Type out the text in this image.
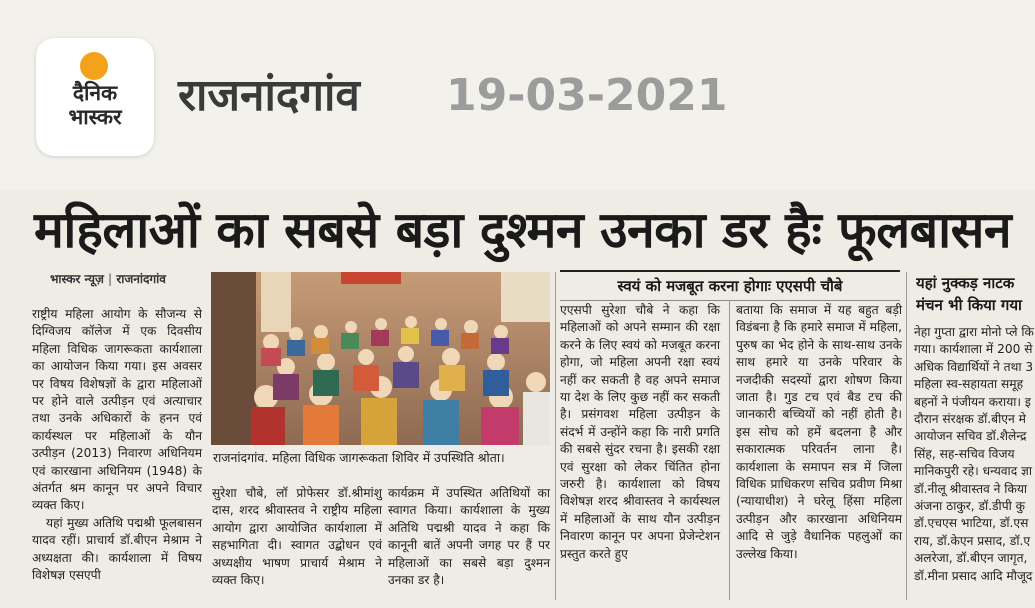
दैनिक
भास्कर	राजनांदगांव 19-03-2021
महिलाओं का सबसे बड़ा दुश्मन उनका डर हैः फूलबासन
भास्कर न्यूज़ | राजनांदगांव

राष्ट्रीय महिला आयोग के सौजन्य से दिग्विजय कॉलेज में एक दिवसीय महिला विधिक जागरूकता कार्यशाला का आयोजन किया गया। इस अवसर पर विषय विशेषज्ञों के द्वारा महिलाओं पर होने वाले उत्पीड़न एवं अत्याचार तथा उनके अधिकारों के हनन एवं कार्यस्थल पर महिलाओं के यौन उत्पीड़न (2013) निवारण अधिनियम एवं कारखाना अधिनियम (1948) के अंतर्गत श्रम कानून पर अपने विचार व्यक्त किए।

यहां मुख्य अतिथि पद्मश्री फूलबासन यादव रहीं। प्राचार्य डॉ.बीएन मेश्राम ने अध्यक्षता की। कार्यशाला में विषय विशेषज्ञ एसएपी

राजनांदगांव. महिला विधिक जागरूकता शिविर में उपस्थिति श्रोता।
सुरेशा चौबे, लॉ प्रोफेसर डॉ.श्रीमांशु दास, शरद श्रीवास्तव ने राष्ट्रीय महिला आयोग द्वारा आयोजित कार्यशाला में सहभागिता दी। स्वागत उद्बोधन एवं अध्यक्षीय भाषण प्राचार्य मेश्राम ने व्यक्त किए।
कार्यक्रम में उपस्थित अतिथियों का स्वागत किया। कार्यशाला के मुख्य अतिथि पद्मश्री यादव ने कहा कि कानूनी बातें अपनी जगह पर हैं पर महिलाओं का सबसे बड़ा दुश्मन उनका डर है।
स्वयं को मजबूत करना होगाः एएसपी चौबे
एएसपी सुरेशा चौबे ने कहा कि महिलाओं को अपने सम्मान की रक्षा करने के लिए स्वयं को मजबूत करना होगा, जो महिला अपनी रक्षा स्वयं नहीं कर सकती है वह अपने समाज या देश के लिए कुछ नहीं कर सकती है। प्रसंगवश महिला उत्पीड़न के संदर्भ में उन्होंने कहा कि नारी प्रगति की सबसे सुंदर रचना है। इसकी रक्षा एवं सुरक्षा को लेकर चिंतित होना जरुरी है। कार्यशाला को विषय विशेषज्ञ शरद श्रीवास्तव ने कार्यस्थल में महिलाओं के साथ यौन उत्पीड़न निवारण कानून पर अपना प्रेजेन्टेशन प्रस्तुत करते हुए
बताया कि समाज में यह बहुत बड़ी विडंबना है कि हमारे समाज में महिला, पुरुष का भेद होने के साथ-साथ उनके साथ हमारे या उनके परिवार के नजदीकी सदस्यों द्वारा शोषण किया जाता है। गुड टच एवं बैड टच की जानकारी बच्चियों को नहीं होती है। इस सोच को हमें बदलना है और सकारात्मक परिवर्तन लाना है। कार्यशाला के समापन सत्र में जिला विधिक प्राधिकरण सचिव प्रवीण मिश्रा (न्यायाधीश) ने घरेलू हिंसा महिला उत्पीड़न और कारखाना अधिनियम आदि से जुड़े वैधानिक पहलुओं का उल्लेख किया।
यहां नुक्कड़ नाटक
मंचन भी किया गया
नेहा गुप्ता द्वारा मोनो प्ले कि
गया। कार्यशाला में 200 से
अधिक विद्यार्थियों ने तथा 3
महिला स्व-सहायता समूह
बहनों ने पंजीयन कराया। इ
दौरान संरक्षक डॉ.बीएन मे
आयोजन सचिव डॉ.शैलेन्द्र
सिंह, सह-सचिव विजय
मानिकपुरी रहे। धन्यवाद ज्ञा
डॉ.नीलू श्रीवास्तव ने किया
अंजना ठाकुर, डॉ.डीपी कु
डॉ.एचएस भाटिया, डॉ.एस
राय, डॉ.केएन प्रसाद, डॉ.ए
अलरेजा, डॉ.बीएन जागृत,
डॉ.मीना प्रसाद आदि मौजूद
